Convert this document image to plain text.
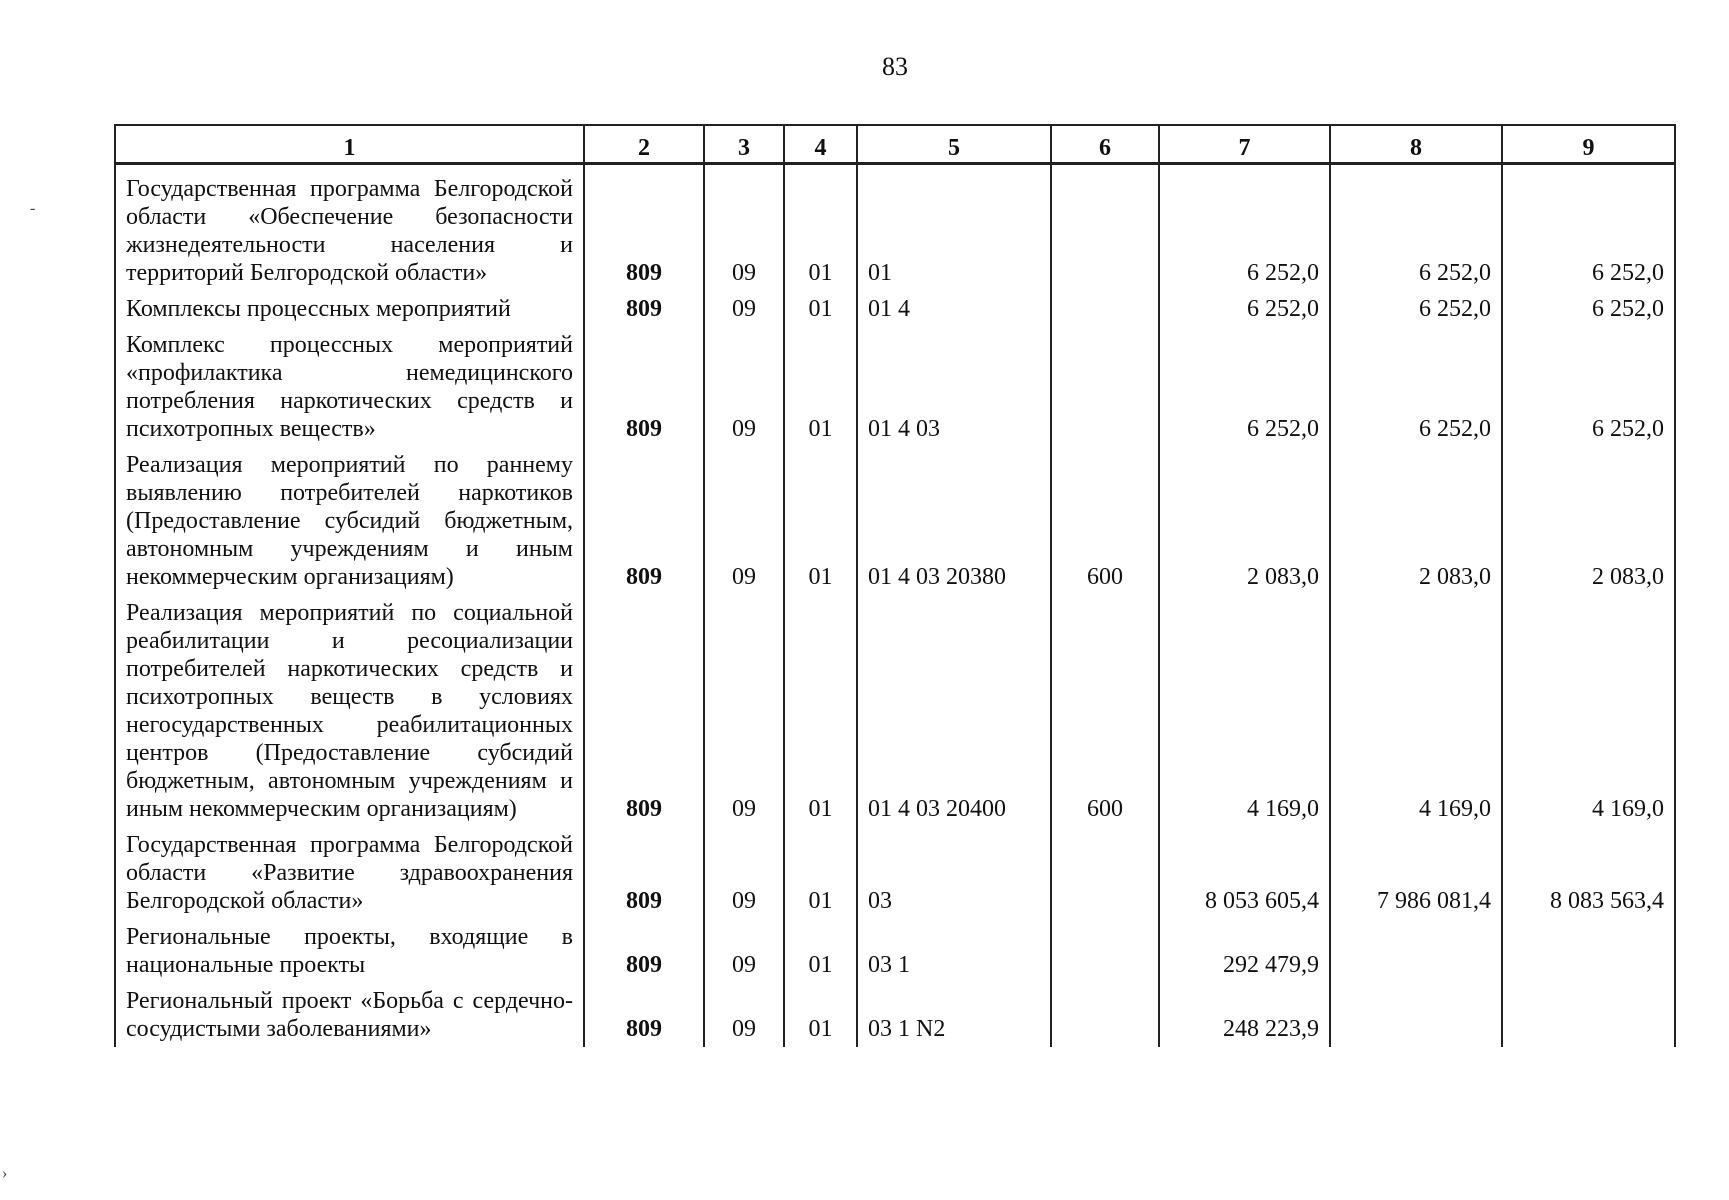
83
1	2	3	4	5	6	7	8	9
Государственная программа Белгородской области «Обеспечение безопасности жизнедеятельности населения и территорий Белгородской области»	809	09	01	01		6 252,0	6 252,0	6 252,0
Комплексы процессных мероприятий	809	09	01	01 4		6 252,0	6 252,0	6 252,0
Комплекс процессных мероприятий «профилактика немедицинского потребления наркотических средств и психотропных веществ»	809	09	01	01 4 03		6 252,0	6 252,0	6 252,0
Реализация мероприятий по раннему выявлению потребителей наркотиков (Предоставление субсидий бюджетным, автономным учреждениям и иным некоммерческим организациям)	809	09	01	01 4 03 20380	600	2 083,0	2 083,0	2 083,0
Реализация мероприятий по социальной реабилитации и ресоциализации потребителей наркотических средств и психотропных веществ в условиях негосударственных реабилитационных центров (Предоставление субсидий бюджетным, автономным учреждениям и иным некоммерческим организациям)	809	09	01	01 4 03 20400	600	4 169,0	4 169,0	4 169,0
Государственная программа Белгородской области «Развитие здравоохранения Белгородской области»	809	09	01	03		8 053 605,4	7 986 081,4	8 083 563,4
Региональные проекты, входящие в национальные проекты	809	09	01	03 1		292 479,9		
Региональный проект «Борьба с сердечно-сосудистыми заболеваниями»	809	09	01	03 1 N2		248 223,9		
-
›
